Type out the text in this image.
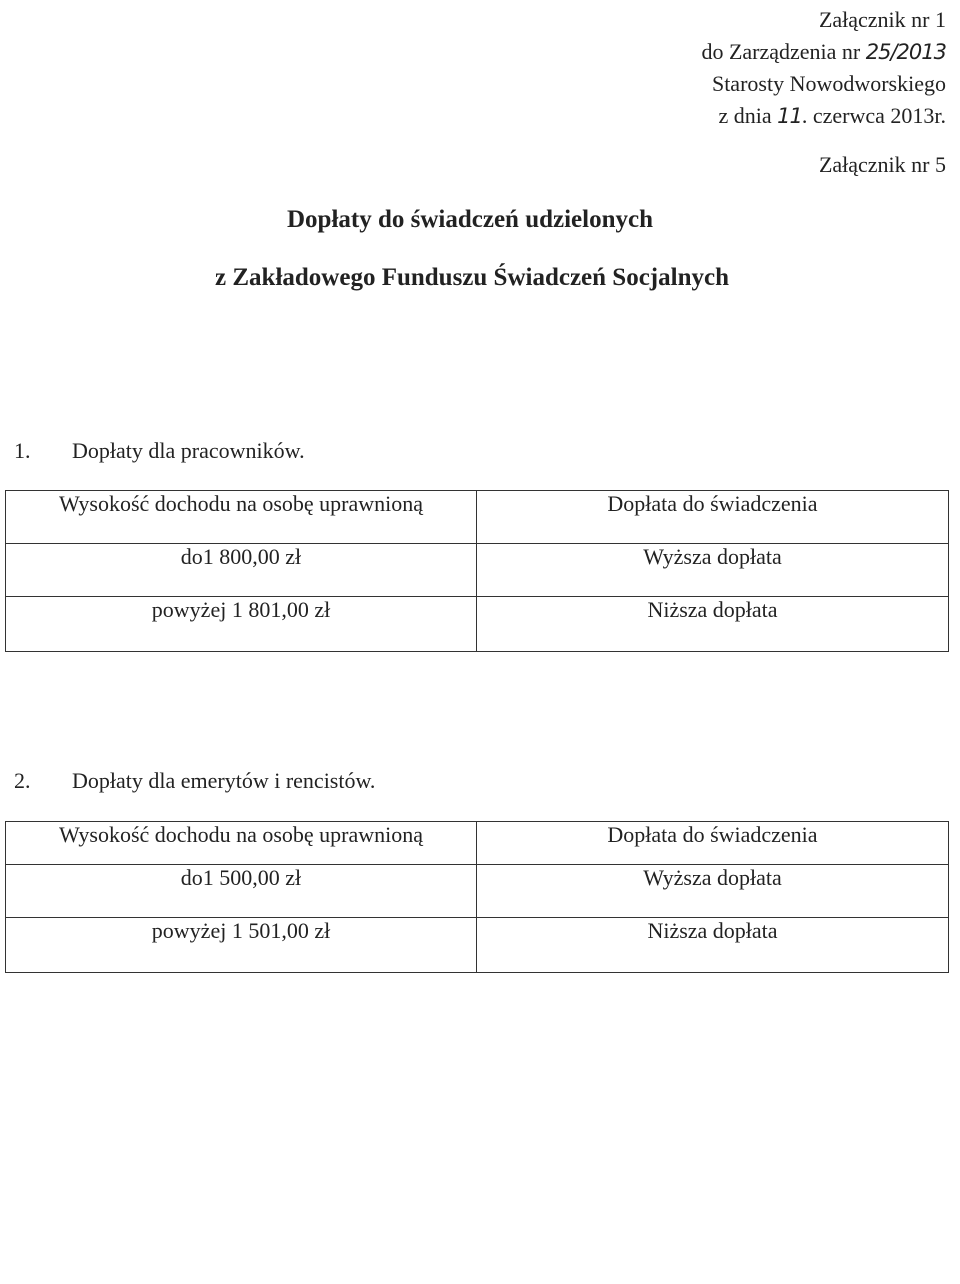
Załącznik nr 1
do Zarządzenia nr 25/2013
Starosty Nowodworskiego
z dnia 11. czerwca 2013r.
Załącznik nr 5
Dopłaty do świadczeń udzielonych
z Zakładowego Funduszu Świadczeń Socjalnych
1. Dopłaty dla pracowników.
Wysokość dochodu na osobę uprawnioną	Dopłata do świadczenia
do1 800,00 zł	Wyższa dopłata
powyżej 1 801,00 zł	Niższa dopłata
2. Dopłaty dla emerytów i rencistów.
Wysokość dochodu na osobę uprawnioną	Dopłata do świadczenia
do1 500,00 zł	Wyższa dopłata
powyżej 1 501,00 zł	Niższa dopłata
